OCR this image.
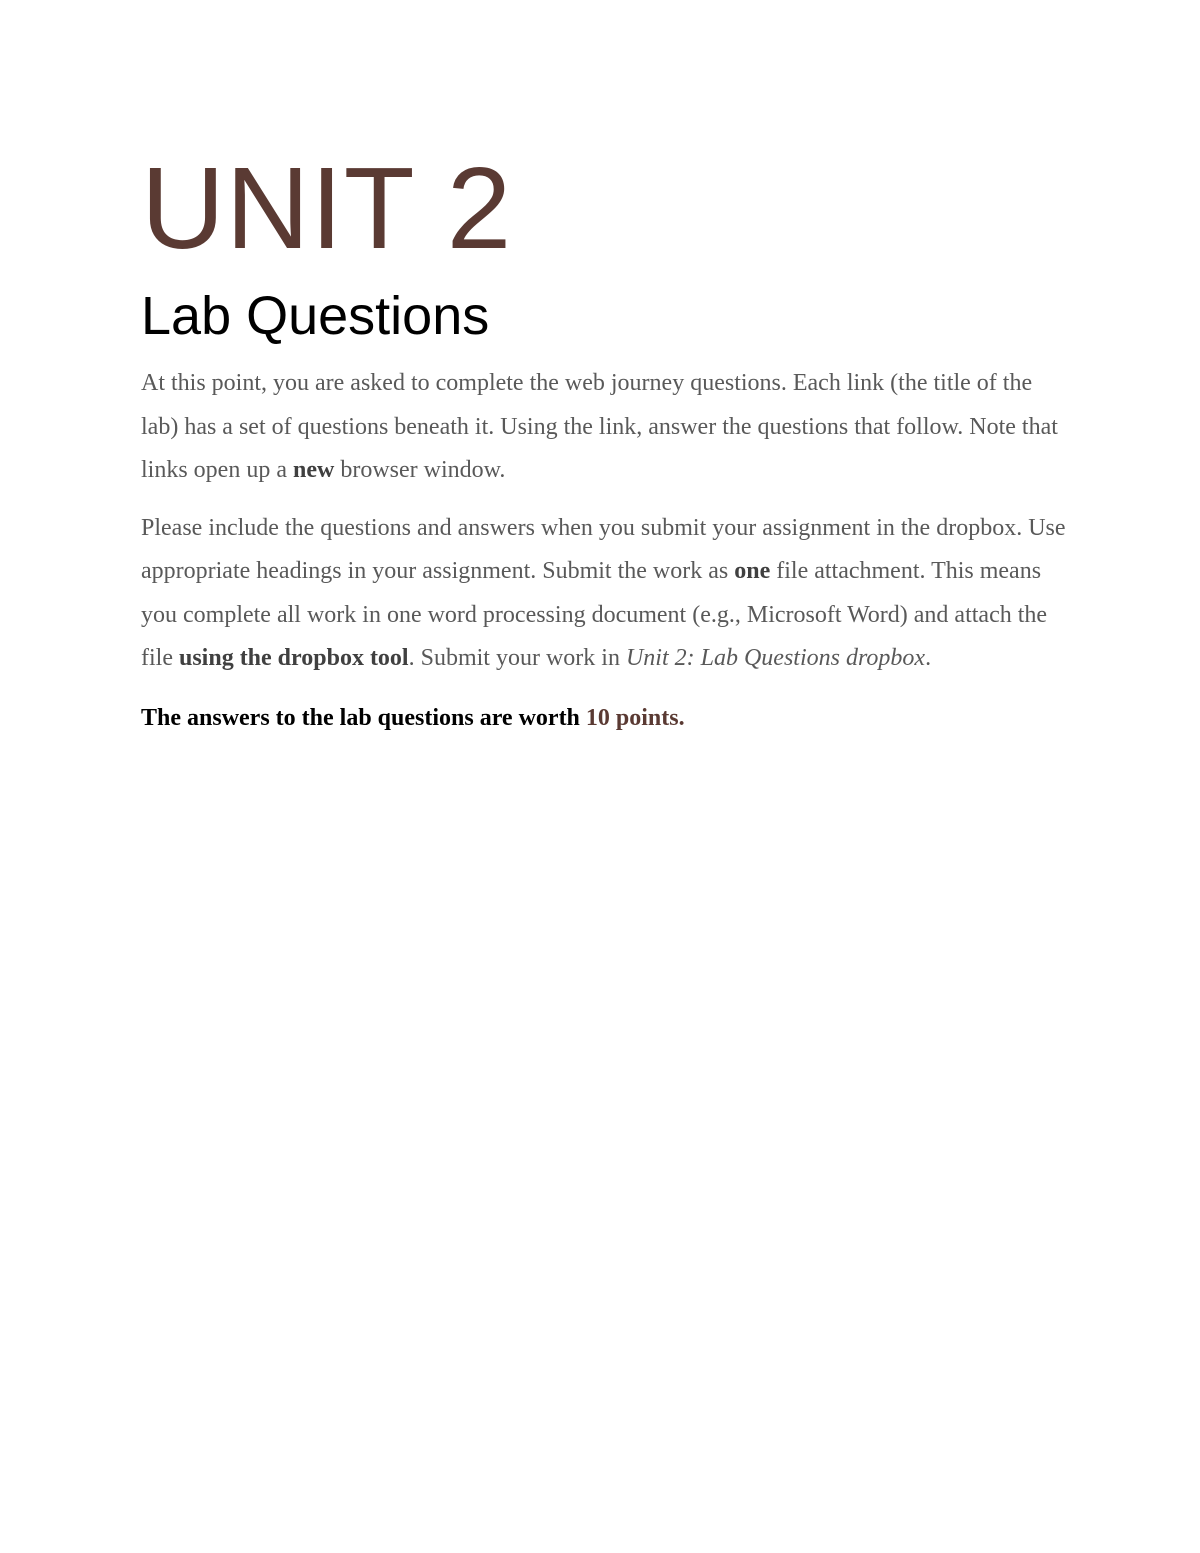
UNIT 2
Lab Questions

At this point, you are asked to complete the web journey questions. Each link (the title of the lab) has a set of questions beneath it. Using the link, answer the questions that follow. Note that links open up a new browser window.

Please include the questions and answers when you submit your assignment in the dropbox. Use appropriate headings in your assignment. Submit the work as one file attachment. This means you complete all work in one word processing document (e.g., Microsoft Word) and attach the file using the dropbox tool. Submit your work in Unit 2: Lab Questions dropbox.

The answers to the lab questions are worth 10 points.
